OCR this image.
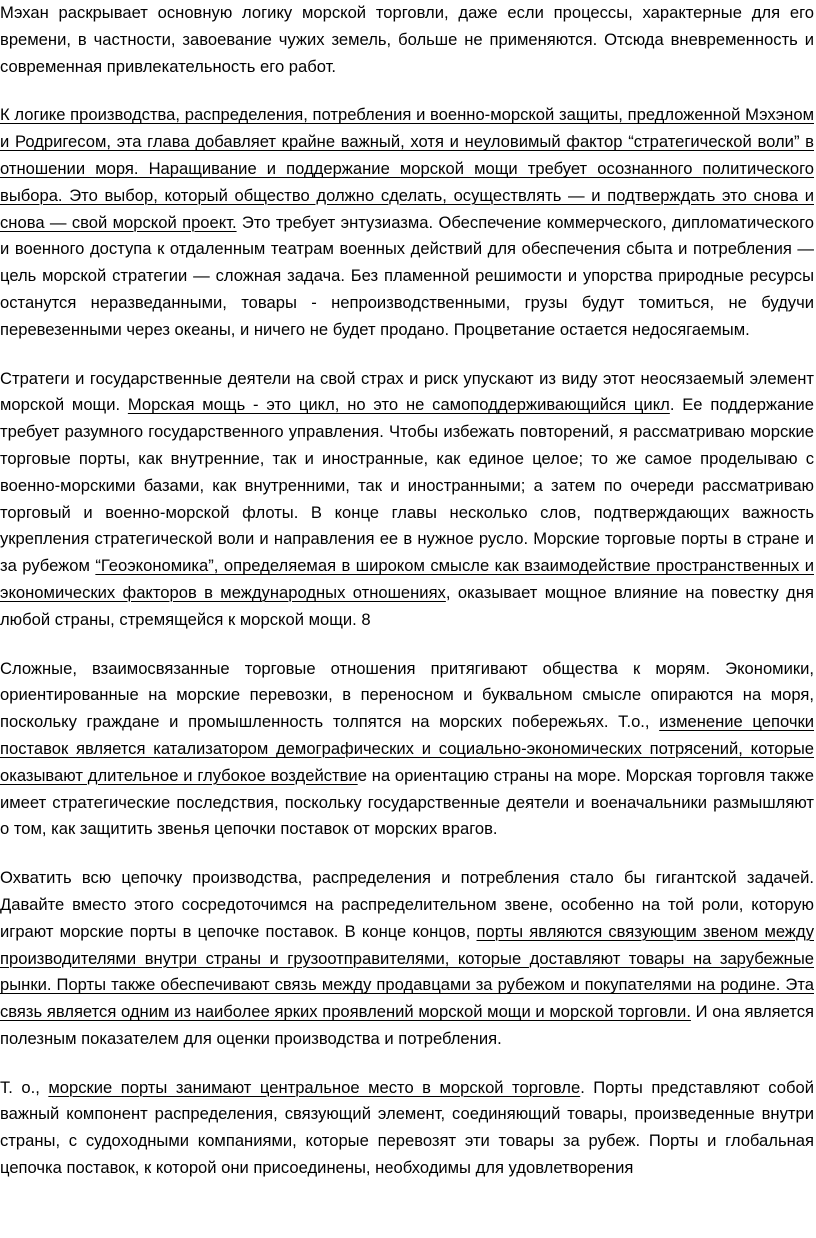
Мэхан раскрывает основную логику морской торговли, даже если процессы, характерные для его времени, в частности, завоевание чужих земель, больше не применяются. Отсюда вневременность и современная привлекательность его работ.

К логике производства, распределения, потребления и военно-морской защиты, предложенной Мэхэном и Родригесом, эта глава добавляет крайне важный, хотя и неуловимый фактор “стратегической воли” в отношении моря. Наращивание и поддержание морской мощи требует осознанного политического выбора. Это выбор, который общество должно сделать, осуществлять — и подтверждать это снова и снова — свой морской проект. Это требует энтузиазма. Обеспечение коммерческого, дипломатического и военного доступа к отдаленным театрам военных действий для обеспечения сбыта и потребления — цель морской стратегии — сложная задача. Без пламенной решимости и упорства природные ресурсы останутся неразведанными, товары - непроизводственными, грузы будут томиться, не будучи перевезенными через океаны, и ничего не будет продано. Процветание остается недосягаемым.

Стратеги и государственные деятели на свой страх и риск упускают из виду этот неосязаемый элемент морской мощи. Морская мощь - это цикл, но это не самоподдерживающийся цикл. Ее поддержание требует разумного государственного управления. Чтобы избежать повторений, я рассматриваю морские торговые порты, как внутренние, так и иностранные, как единое целое; то же самое проделываю с военно-морскими базами, как внутренними, так и иностранными; а затем по очереди рассматриваю торговый и военно-морской флоты. В конце главы несколько слов, подтверждающих важность укрепления стратегической воли и направления ее в нужное русло. Морские торговые порты в стране и за рубежом “Геоэкономика”, определяемая в широком смысле как взаимодействие пространственных и экономических факторов в международных отношениях, оказывает мощное влияние на повестку дня любой страны, стремящейся к морской мощи. 8

Сложные, взаимосвязанные торговые отношения притягивают общества к морям. Экономики, ориентированные на морские перевозки, в переносном и буквальном смысле опираются на моря, поскольку граждане и промышленность толпятся на морских побережьях. Т.о., изменение цепочки поставок является катализатором демографических и социально-экономических потрясений, которые оказывают длительное и глубокое воздействие на ориентацию страны на море. Морская торговля также имеет стратегические последствия, поскольку государственные деятели и военачальники размышляют о том, как защитить звенья цепочки поставок от морских врагов.

Охватить всю цепочку производства, распределения и потребления стало бы гигантской задачей. Давайте вместо этого сосредоточимся на распределительном звене, особенно на той роли, которую играют морские порты в цепочке поставок. В конце концов, порты являются связующим звеном между производителями внутри страны и грузоотправителями, которые доставляют товары на зарубежные рынки. Порты также обеспечивают связь между продавцами за рубежом и покупателями на родине. Эта связь является одним из наиболее ярких проявлений морской мощи и морской торговли. И она является полезным показателем для оценки производства и потребления.

Т. о., морские порты занимают центральное место в морской торговле. Порты представляют собой важный компонент распределения, связующий элемент, соединяющий товары, произведенные внутри страны, с судоходными компаниями, которые перевозят эти товары за рубеж. Порты и глобальная цепочка поставок, к которой они присоединены, необходимы для удовлетворения
